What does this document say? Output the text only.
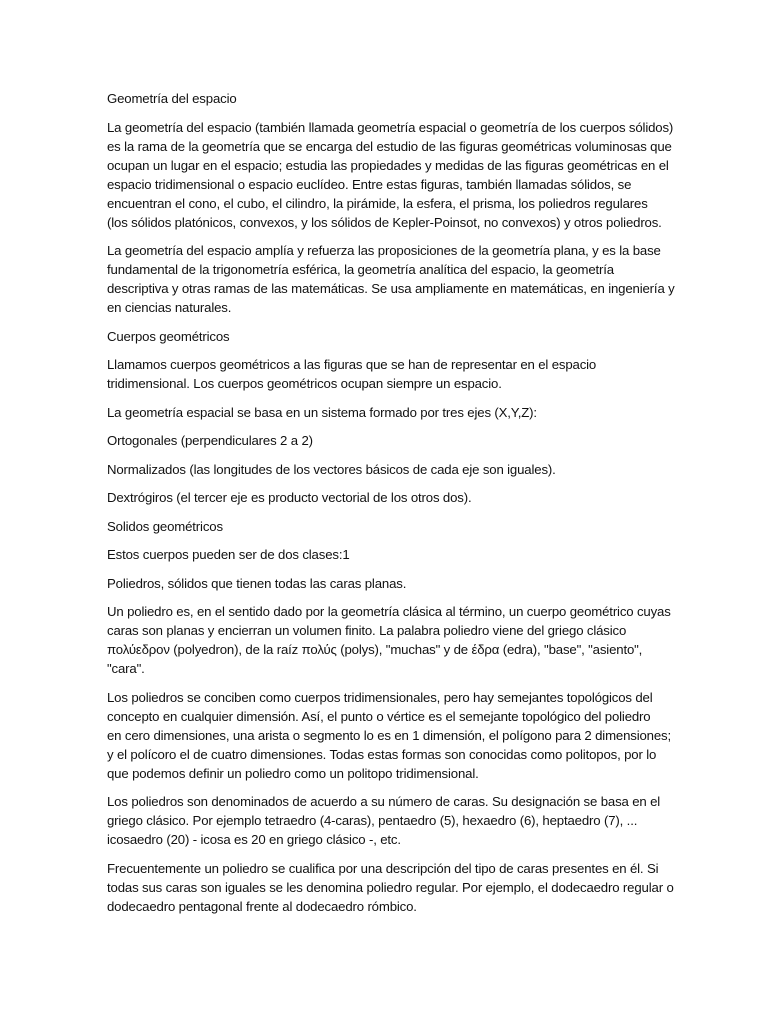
Geometría del espacio

La geometría del espacio (también llamada geometría espacial o geometría de los cuerpos sólidos)
es la rama de la geometría que se encarga del estudio de las figuras geométricas voluminosas que
ocupan un lugar en el espacio; estudia las propiedades y medidas de las figuras geométricas en el
espacio tridimensional o espacio euclídeo. Entre estas figuras, también llamadas sólidos, se
encuentran el cono, el cubo, el cilindro, la pirámide, la esfera, el prisma, los poliedros regulares
(los sólidos platónicos, convexos, y los sólidos de Kepler-Poinsot, no convexos) y otros poliedros.

La geometría del espacio amplía y refuerza las proposiciones de la geometría plana, y es la base
fundamental de la trigonometría esférica, la geometría analítica del espacio, la geometría
descriptiva y otras ramas de las matemáticas. Se usa ampliamente en matemáticas, en ingeniería y
en ciencias naturales.

Cuerpos geométricos

Llamamos cuerpos geométricos a las figuras que se han de representar en el espacio
tridimensional. Los cuerpos geométricos ocupan siempre un espacio.

La geometría espacial se basa en un sistema formado por tres ejes (X,Y,Z):

Ortogonales (perpendiculares 2 a 2)

Normalizados (las longitudes de los vectores básicos de cada eje son iguales).

Dextrógiros (el tercer eje es producto vectorial de los otros dos).

Solidos geométricos

Estos cuerpos pueden ser de dos clases:1

Poliedros, sólidos que tienen todas las caras planas.

Un poliedro es, en el sentido dado por la geometría clásica al término, un cuerpo geométrico cuyas
caras son planas y encierran un volumen finito. La palabra poliedro viene del griego clásico
πολύεδρον (polyedron), de la raíz πολύς (polys), "muchas" y de έδρα (edra), "base", "asiento",
"cara".

Los poliedros se conciben como cuerpos tridimensionales, pero hay semejantes topológicos del
concepto en cualquier dimensión. Así, el punto o vértice es el semejante topológico del poliedro
en cero dimensiones, una arista o segmento lo es en 1 dimensión, el polígono para 2 dimensiones;
y el polícoro el de cuatro dimensiones. Todas estas formas son conocidas como politopos, por lo
que podemos definir un poliedro como un politopo tridimensional.

Los poliedros son denominados de acuerdo a su número de caras. Su designación se basa en el
griego clásico. Por ejemplo tetraedro (4-caras), pentaedro (5), hexaedro (6), heptaedro (7), ...
icosaedro (20) - icosa es 20 en griego clásico -, etc.

Frecuentemente un poliedro se cualifica por una descripción del tipo de caras presentes en él. Si
todas sus caras son iguales se les denomina poliedro regular. Por ejemplo, el dodecaedro regular o
dodecaedro pentagonal frente al dodecaedro rómbico.
